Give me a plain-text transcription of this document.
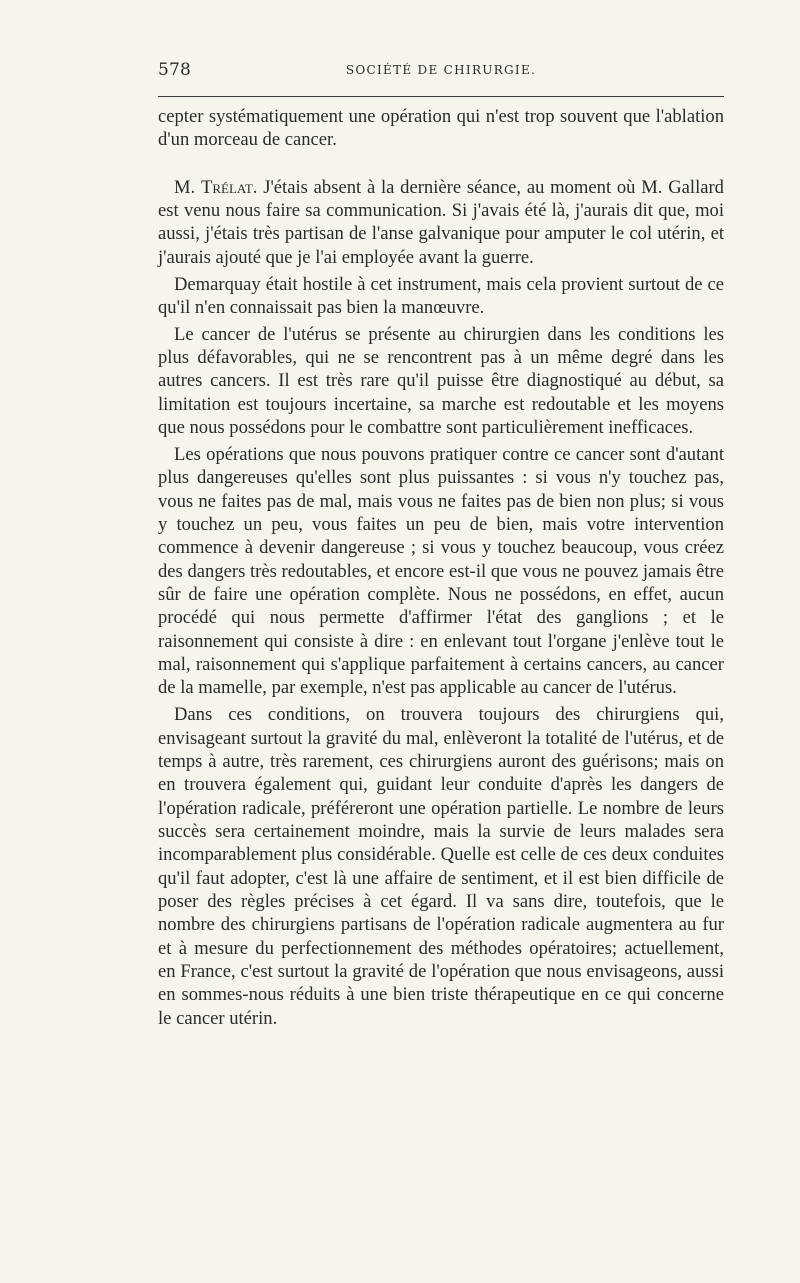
578	SOCIÉTÉ DE CHIRURGIE.

cepter systématiquement une opération qui n'est trop souvent que l'ablation d'un morceau de cancer.

M. Trélat. J'étais absent à la dernière séance, au moment où M. Gallard est venu nous faire sa communication. Si j'avais été là, j'aurais dit que, moi aussi, j'étais très partisan de l'anse galvanique pour amputer le col utérin, et j'aurais ajouté que je l'ai employée avant la guerre.

Demarquay était hostile à cet instrument, mais cela provient surtout de ce qu'il n'en connaissait pas bien la manœuvre.

Le cancer de l'utérus se présente au chirurgien dans les conditions les plus défavorables, qui ne se rencontrent pas à un même degré dans les autres cancers. Il est très rare qu'il puisse être diagnostiqué au début, sa limitation est toujours incertaine, sa marche est redoutable et les moyens que nous possédons pour le combattre sont particulièrement inefficaces.

Les opérations que nous pouvons pratiquer contre ce cancer sont d'autant plus dangereuses qu'elles sont plus puissantes : si vous n'y touchez pas, vous ne faites pas de mal, mais vous ne faites pas de bien non plus; si vous y touchez un peu, vous faites un peu de bien, mais votre intervention commence à devenir dangereuse ; si vous y touchez beaucoup, vous créez des dangers très redoutables, et encore est-il que vous ne pouvez jamais être sûr de faire une opération complète. Nous ne possédons, en effet, aucun procédé qui nous permette d'affirmer l'état des ganglions ; et le raisonnement qui consiste à dire : en enlevant tout l'organe j'enlève tout le mal, raisonnement qui s'applique parfaitement à certains cancers, au cancer de la mamelle, par exemple, n'est pas applicable au cancer de l'utérus.

Dans ces conditions, on trouvera toujours des chirurgiens qui, envisageant surtout la gravité du mal, enlèveront la totalité de l'utérus, et de temps à autre, très rarement, ces chirurgiens auront des guérisons; mais on en trouvera également qui, guidant leur conduite d'après les dangers de l'opération radicale, préféreront une opération partielle. Le nombre de leurs succès sera certainement moindre, mais la survie de leurs malades sera incomparablement plus considérable. Quelle est celle de ces deux conduites qu'il faut adopter, c'est là une affaire de sentiment, et il est bien difficile de poser des règles précises à cet égard. Il va sans dire, toutefois, que le nombre des chirurgiens partisans de l'opération radicale augmentera au fur et à mesure du perfectionnement des méthodes opératoires; actuellement, en France, c'est surtout la gravité de l'opération que nous envisageons, aussi en sommes-nous réduits à une bien triste thérapeutique en ce qui concerne le cancer utérin.
